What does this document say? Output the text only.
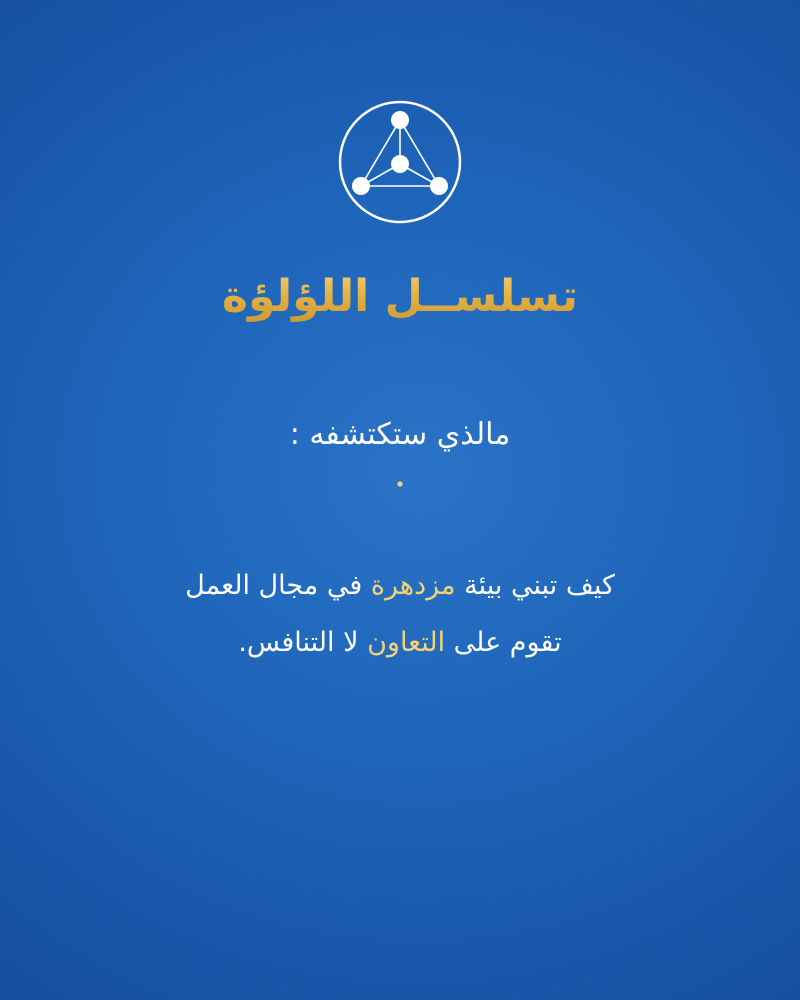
تسلســل اللؤلؤة
مالذي ستكتشفه :
كيف تبني بيئة مزدهرة في مجال العمل
تقوم على التعاون لا التنافس.
